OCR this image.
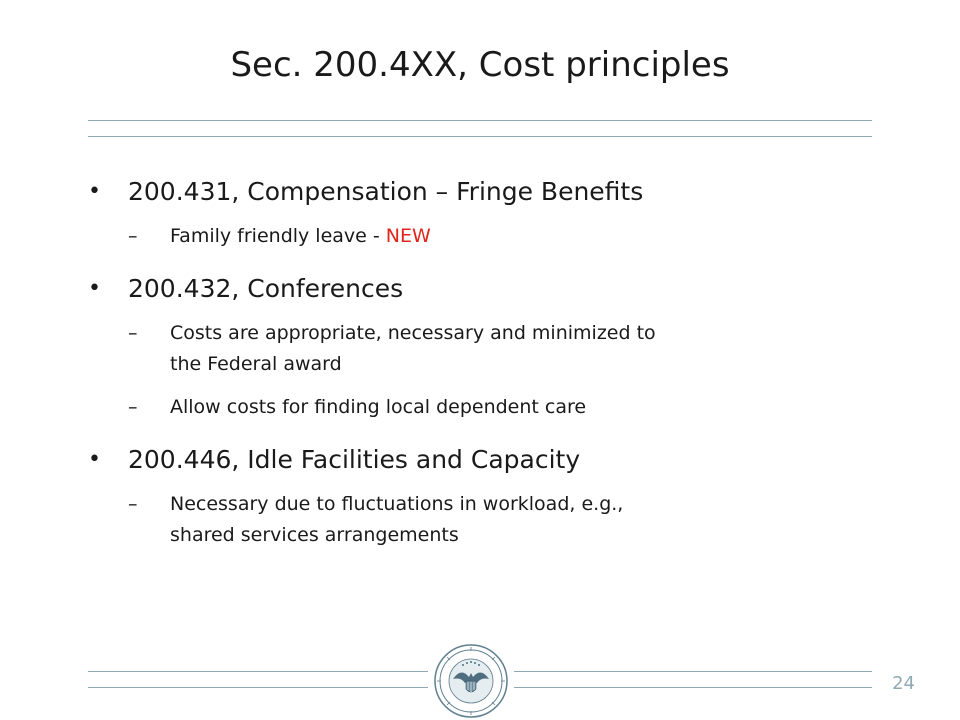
Sec. 200.4XX, Cost principles
• 200.431, Compensation – Fringe Benefits
– Family friendly leave - NEW
• 200.432, Conferences
– Costs are appropriate, necessary and minimized to
the Federal award
– Allow costs for finding local dependent care
• 200.446, Idle Facilities and Capacity
– Necessary due to fluctuations in workload, e.g.,
shared services arrangements
24
